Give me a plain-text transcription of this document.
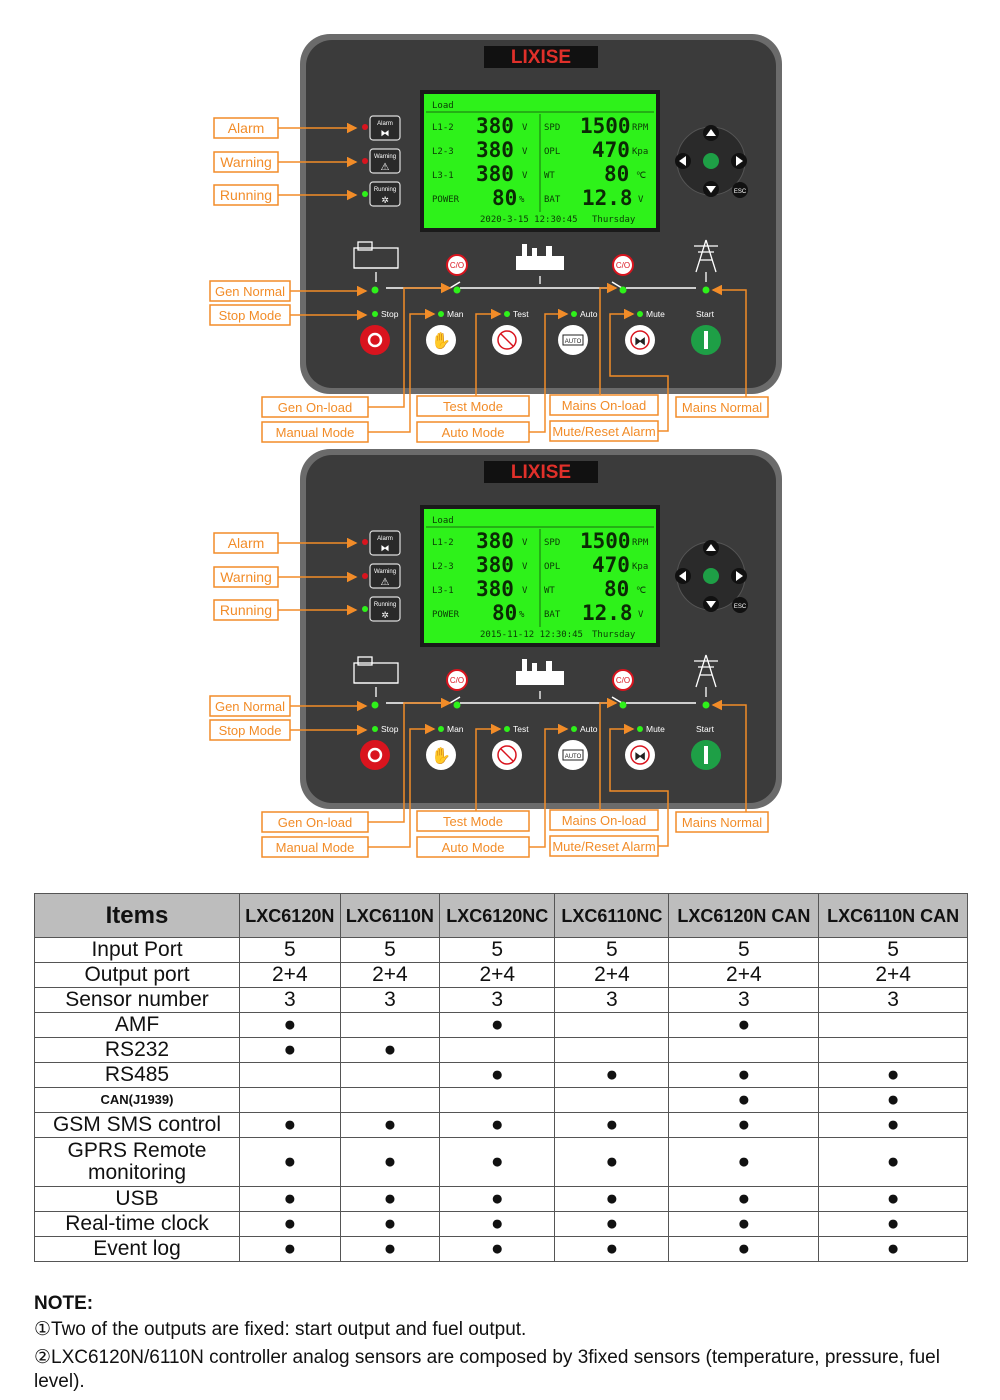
LIXISE
Load
L1-2 380 V SPD 1500 RPM
L2-3 380 V OPL 470 Kpa
L3-1 380 V WT 80 ℃
POWER 80 % BAT 12.8 V
2020-3-15 12:30:45 Thursday
Alarm
⧓
Warning
⚠
Running
✲
ESC
C/O	C/O
Stop	Man	Test	Auto	Mute	Start
✋	AUTO	⧓
Alarm
Warning
Running
Gen Normal
Stop Mode
Gen On-load	Test Mode	Mains On-load	Mains Normal
Manual Mode	Auto Mode	Mute/Reset Alarm
LIXISE
Load
L1-2 380 V SPD 1500 RPM
L2-3 380 V OPL 470 Kpa
L3-1 380 V WT 80 ℃
POWER 80 % BAT 12.8 V
2015-11-12 12:30:45 Thursday
Alarm
⧓
Warning
⚠
Running
✲
ESC
C/O	C/O
Stop	Man	Test	Auto	Mute	Start
✋	AUTO	⧓
Alarm
Warning
Running
Gen Normal
Stop Mode
Gen On-load	Test Mode	Mains On-load	Mains Normal
Manual Mode	Auto Mode	Mute/Reset Alarm
Items	LXC6120N	LXC6110N	LXC6120NC	LXC6110NC	LXC6120N CAN	LXC6110N CAN
Input Port	5	5	5	5	5	5
Output port	2+4	2+4	2+4	2+4	2+4	2+4
Sensor number	3	3	3	3	3	3
AMF	●		●		●	
RS232	●	●				
RS485			●	●	●	●
CAN(J1939)					●	●
GSM SMS control	●	●	●	●	●	●
GPRS Remote monitoring	●	●	●	●	●	●
USB	●	●	●	●	●	●
Real-time clock	●	●	●	●	●	●
Event log	●	●	●	●	●	●
NOTE:

①Two of the outputs are fixed: start output and fuel output.

②LXC6120N/6110N controller analog sensors are composed by 3fixed sensors (temperature, pressure, fuel level).
